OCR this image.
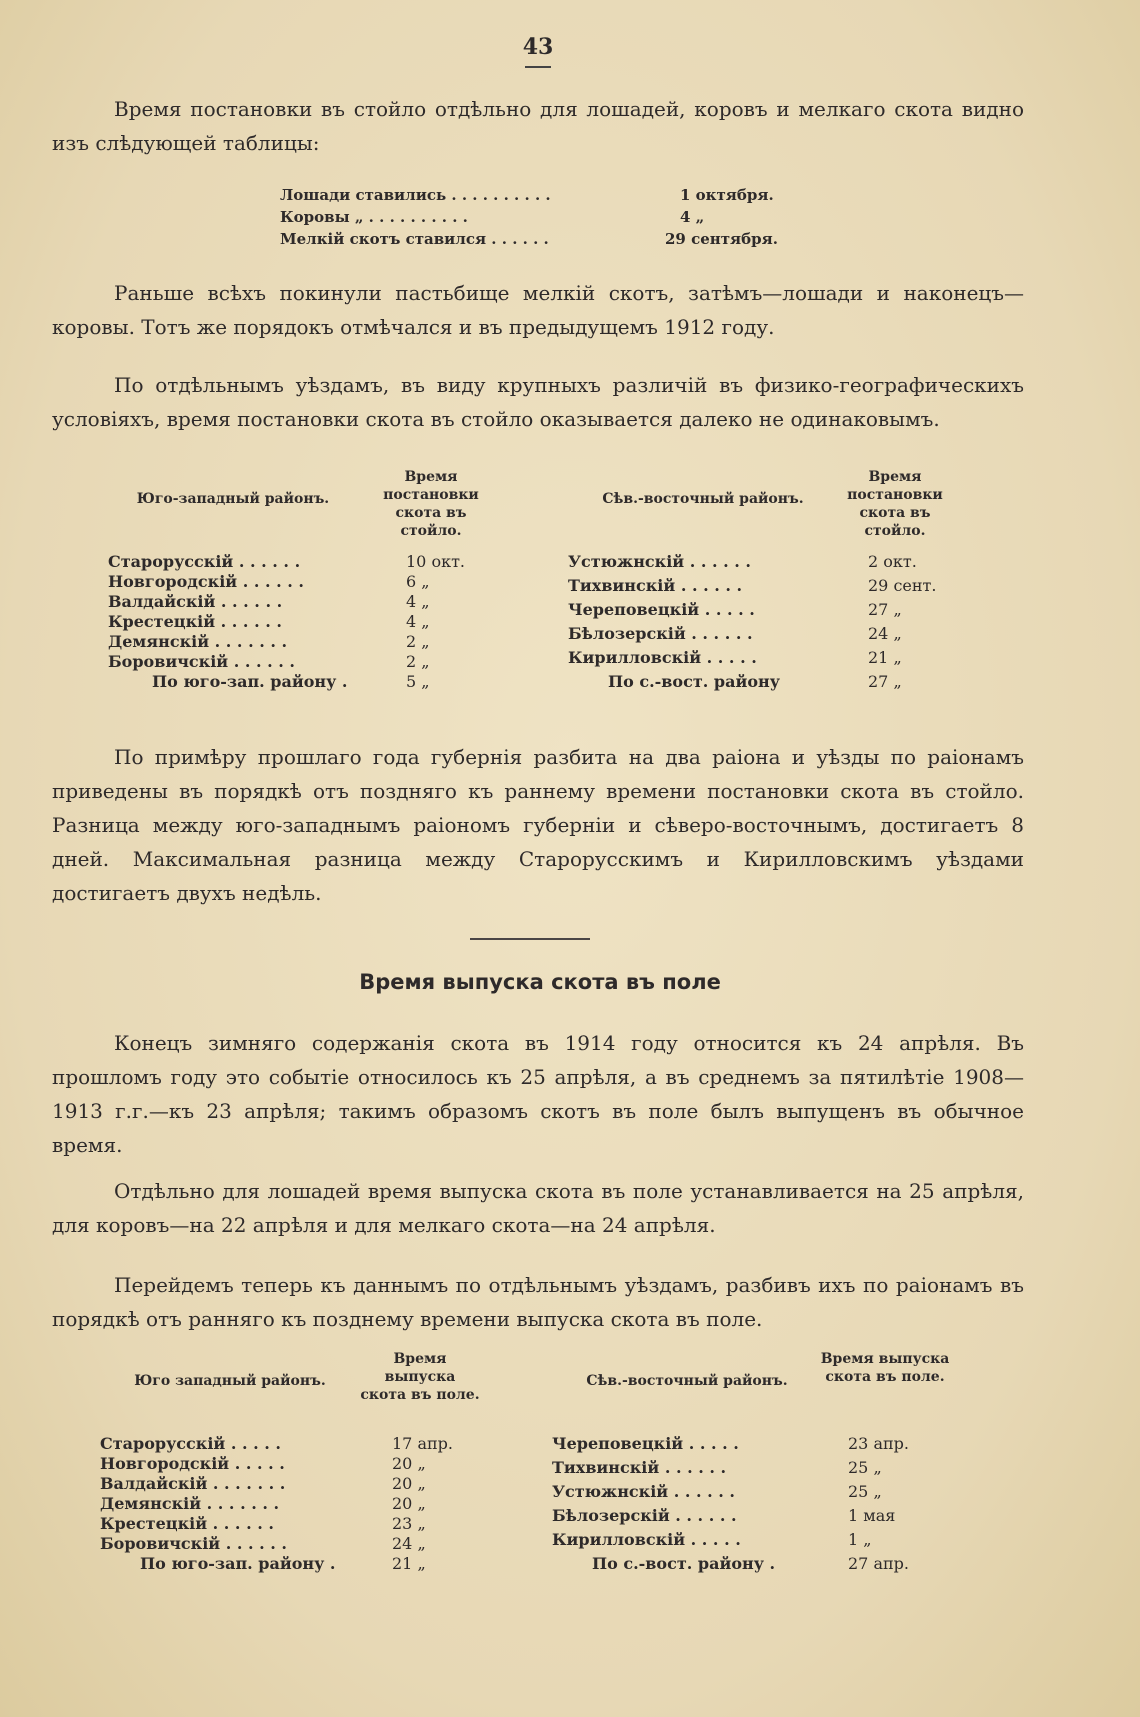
43
Время постановки въ стойло отдѣльно для лошадей, коровъ и мелкаго скота видно изъ слѣдующей таблицы:
Лошади ставились . . . . . . . . . .	1 октября.
Коровы „ . . . . . . . . . .	4 „
Мелкій скотъ ставился . . . . . .	29 сентября.
Раньше всѣхъ покинули пастьбище мелкій скотъ, затѣмъ—лошади и наконецъ—коровы. Тотъ же порядокъ отмѣчался и въ предыдущемъ 1912 году.
По отдѣльнымъ уѣздамъ, въ виду крупныхъ различій въ физико-географическихъ условіяхъ, время постановки скота въ стойло оказывается далеко не одинаковымъ.
Юго-западный районъ.
Время постановки скота въ стойло.
Сѣв.-восточный районъ.
Время постановки скота въ стойло.
Старорусскій . . . . . .	10 окт.
Новгородскій . . . . . .	6 „
Валдайскій . . . . . .	4 „
Крестецкій . . . . . .	4 „
Демянскій . . . . . . .	2 „
Боровичскій . . . . . .	2 „
По юго-зап. району .	5 „
Устюжнскій . . . . . .	2 окт.
Тихвинскій . . . . . .	29 сент.
Череповецкій . . . . .	27 „
Бѣлозерскій . . . . . .	24 „
Кирилловскій . . . . .	21 „
По с.-вост. району	27 „
По примѣру прошлаго года губернія разбита на два раіона и уѣзды по раіонамъ приведены въ порядкѣ отъ поздняго къ раннему времени постановки скота въ стойло. Разница между юго-западнымъ раіономъ губерніи и сѣверо-восточнымъ, достигаетъ 8 дней. Максимальная разница между Старорусскимъ и Кирилловскимъ уѣздами достигаетъ двухъ недѣль.
Время выпуска скота въ поле
Конецъ зимняго содержанія скота въ 1914 году относится къ 24 апрѣля. Въ прошломъ году это событіе относилось къ 25 апрѣля, а въ среднемъ за пятилѣтіе 1908—1913 г.г.—къ 23 апрѣля; такимъ образомъ скотъ въ поле былъ выпущенъ въ обычное время.
Отдѣльно для лошадей время выпуска скота въ поле устанавливается на 25 апрѣля, для коровъ—на 22 апрѣля и для мелкаго скота—на 24 апрѣля.
Перейдемъ теперь къ даннымъ по отдѣльнымъ уѣздамъ, разбивъ ихъ по раіонамъ въ порядкѣ отъ ранняго къ позднему времени выпуска скота въ поле.
Юго западный районъ.
Время выпуска скота въ поле.
Сѣв.-восточный районъ.
Время выпуска скота въ поле.
Старорусскій . . . . .	17 апр.
Новгородскій . . . . .	20 „
Валдайскій . . . . . . .	20 „
Демянскій . . . . . . .	20 „
Крестецкій . . . . . .	23 „
Боровичскій . . . . . .	24 „
По юго-зап. району .	21 „
Череповецкій . . . . .	23 апр.
Тихвинскій . . . . . .	25 „
Устюжнскій . . . . . .	25 „
Бѣлозерскій . . . . . .	1 мая
Кирилловскій . . . . .	1 „
По с.-вост. району .	27 апр.
